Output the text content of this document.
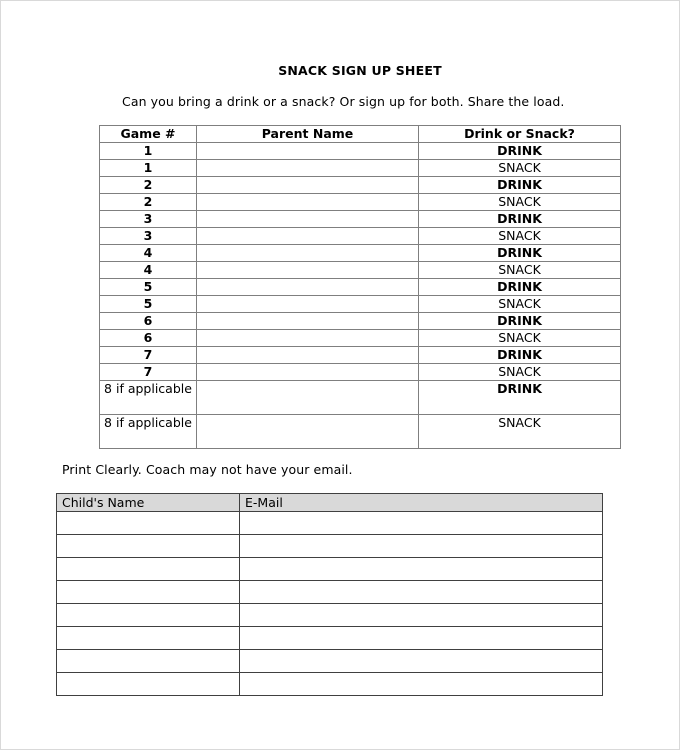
SNACK SIGN UP SHEET
Can you bring a drink or a snack? Or sign up for both. Share the load.
Game #	Parent Name	Drink or Snack?
1		DRINK
1		SNACK
2		DRINK
2		SNACK
3		DRINK
3		SNACK
4		DRINK
4		SNACK
5		DRINK
5		SNACK
6		DRINK
6		SNACK
7		DRINK
7		SNACK
8 if applicable		DRINK
8 if applicable		SNACK
Print Clearly. Coach may not have your email.
Child's Name	E-Mail
